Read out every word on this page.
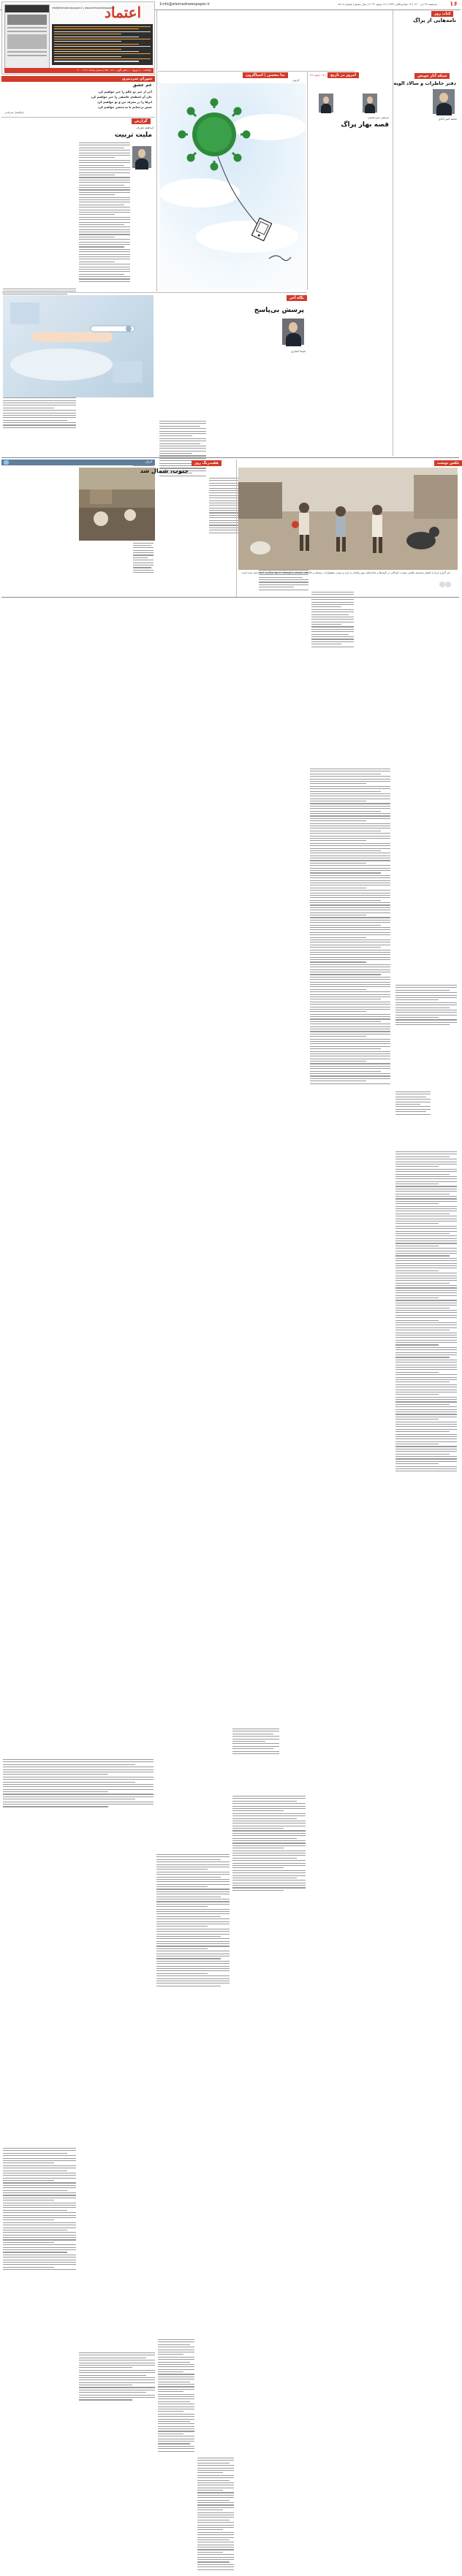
1info@etemadnewspaper.ir	سه‌شنبه ۲۷ دی ۱۴۰۰ | ۱۲ جمادی‌الثانی ۱۴۴۳ | ۱۸ ژانویه ۲۰۲۲ | سال بیستم | شماره ۵۱۱۸ ۱۶
اعتماد
info@etemadnewspaper.ir | www.etemadnewspaper.ir
چاپخانه: ... | توزیع: ... | تلفن آگهی: ۸۸۸۰۰۸۹۰ | شماره پیامک: ۳۰۰۰۱۲۱۲
شورای سردبیری
غم عشق
آخر از چیز دو عالم را خبر خواهیم کرد
جان آن لحظه‌ی عاشقی را خبر خواهیم کرد
ابرها را در تصرف من و تو خواهیم کرد
عیش ترجمانم تا به محشر خواهیم کرد
ابوالفضل ضرغامی
گزارش
ابراهیم عمران
ملیت تربیت
ندا محسن | اسپاگرون
کارتون
امروز در تاریخ
۲۷ دی / ۱۷ ژانویه
مرتضی میرحسینی
قصه بهار پراگ
کتاب روز
نامه‌هایی از پراگ
شبکه آثار خویش
دفتر خاطرات و سالاد الویه
محمد امیر آبادی
نگاه آخر
پرسش بی‌پاسخ
شیما انصاری
ایران	هفت‌رنگ روز
جنوب، شمال شد
عکس نوشت
خبر گزاری ایرنا به انتشار مجموعه عکسی نوشت: کودکانی در کوچه‌ها و خیابان‌های شهر زاهدان به بازی و دویدن مشغول‌اند، زمستان و خاک‌های سیستان و بلوچستان به تنها سرگرمی آن‌ها تبدیل شده است.
